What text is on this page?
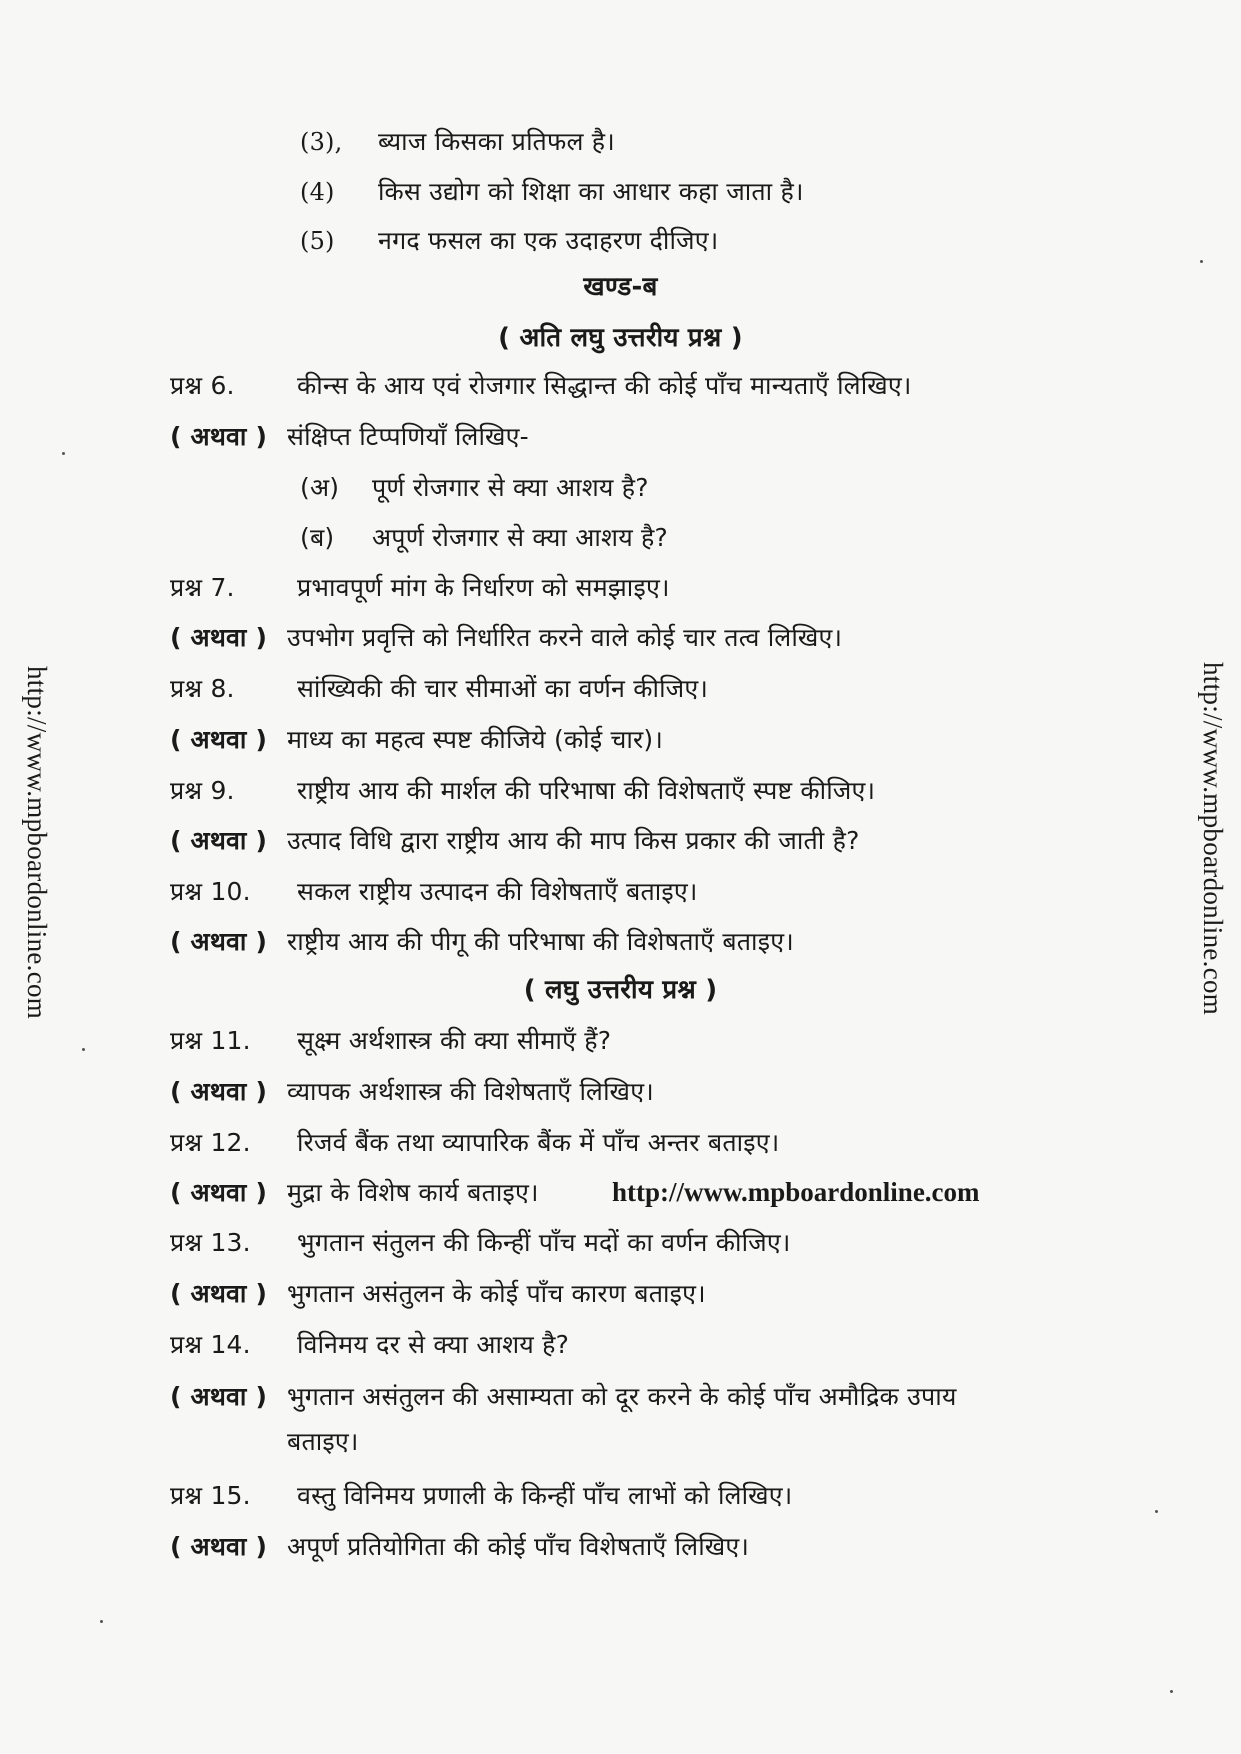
http://www.mpboardonline.com	http://www.mpboardonline.com
(3), ब्याज किसका प्रतिफल है।
(4) किस उद्योग को शिक्षा का आधार कहा जाता है।
(5) नगद फसल का एक उदाहरण दीजिए।
खण्ड-ब
( अति लघु उत्तरीय प्रश्न )
प्रश्न 6. कीन्स के आय एवं रोजगार सिद्धान्त की कोई पाँच मान्यताएँ लिखिए।
( अथवा ) संक्षिप्त टिप्पणियाँ लिखिए-
(अ) पूर्ण रोजगार से क्या आशय है?
(ब) अपूर्ण रोजगार से क्या आशय है?
प्रश्न 7. प्रभावपूर्ण मांग के निर्धारण को समझाइए।
( अथवा ) उपभोग प्रवृत्ति को निर्धारित करने वाले कोई चार तत्व लिखिए।
प्रश्न 8. सांख्यिकी की चार सीमाओं का वर्णन कीजिए।
( अथवा ) माध्य का महत्व स्पष्ट कीजिये (कोई चार)।
प्रश्न 9. राष्ट्रीय आय की मार्शल की परिभाषा की विशेषताएँ स्पष्ट कीजिए।
( अथवा ) उत्पाद विधि द्वारा राष्ट्रीय आय की माप किस प्रकार की जाती है?
प्रश्न 10. सकल राष्ट्रीय उत्पादन की विशेषताएँ बताइए।
( अथवा ) राष्ट्रीय आय की पीगू की परिभाषा की विशेषताएँ बताइए।
( लघु उत्तरीय प्रश्न )
प्रश्न 11. सूक्ष्म अर्थशास्त्र की क्या सीमाएँ हैं?
( अथवा ) व्यापक अर्थशास्त्र की विशेषताएँ लिखिए।
प्रश्न 12. रिजर्व बैंक तथा व्यापारिक बैंक में पाँच अन्तर बताइए।
( अथवा ) मुद्रा के विशेष कार्य बताइए।	http://www.mpboardonline.com
प्रश्न 13. भुगतान संतुलन की किन्हीं पाँच मदों का वर्णन कीजिए।
( अथवा ) भुगतान असंतुलन के कोई पाँच कारण बताइए।
प्रश्न 14. विनिमय दर से क्या आशय है?
( अथवा ) भुगतान असंतुलन की असाम्यता को दूर करने के कोई पाँच अमौद्रिक उपाय
बताइए।
प्रश्न 15. वस्तु विनिमय प्रणाली के किन्हीं पाँच लाभों को लिखिए।
( अथवा ) अपूर्ण प्रतियोगिता की कोई पाँच विशेषताएँ लिखिए।
